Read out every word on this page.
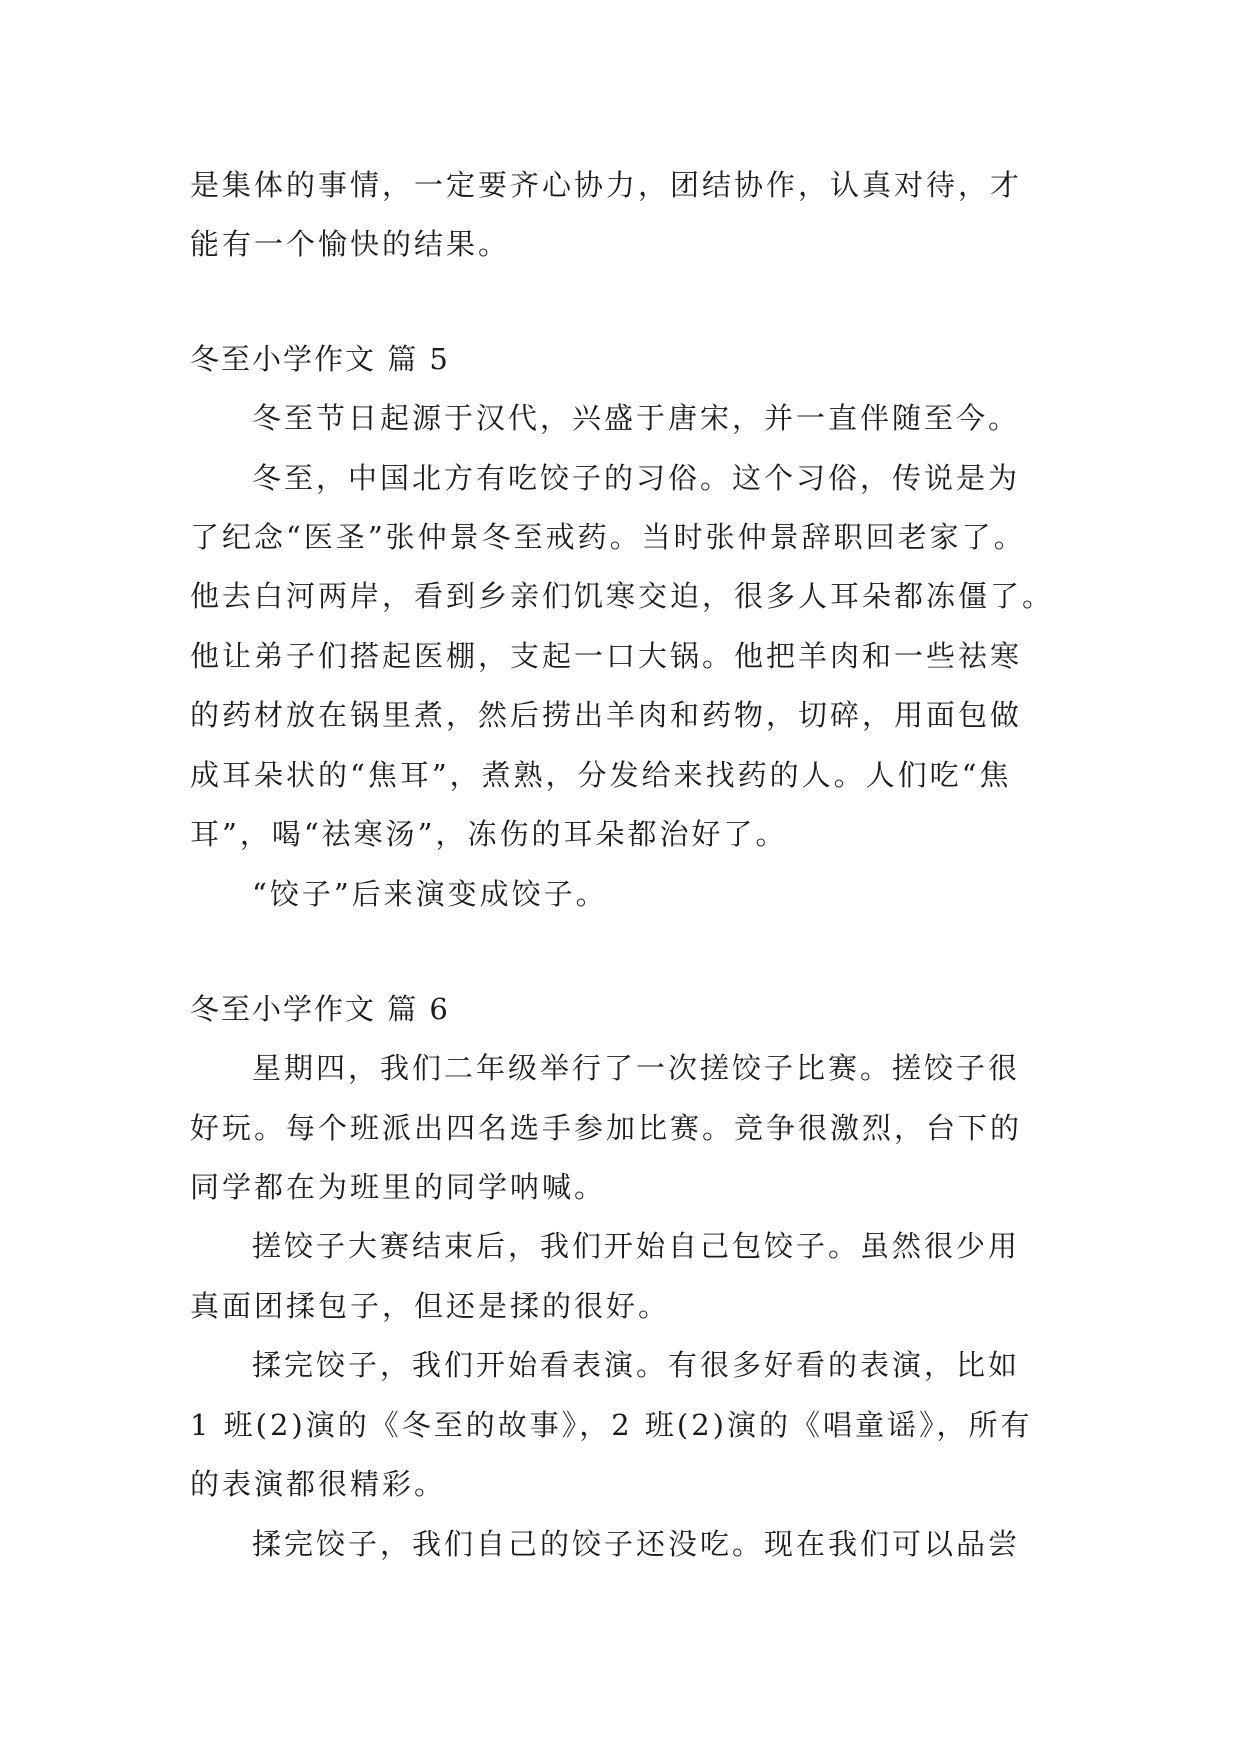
是集体的事情，一定要齐心协力，团结协作，认真对待，才
能有一个愉快的结果。
冬至小学作文 篇 5
冬至节日起源于汉代，兴盛于唐宋，并一直伴随至今。
冬至，中国北方有吃饺子的习俗。这个习俗，传说是为
了纪念“医圣”张仲景冬至戒药。当时张仲景辞职回老家了。
他去白河两岸，看到乡亲们饥寒交迫，很多人耳朵都冻僵了。
他让弟子们搭起医棚，支起一口大锅。他把羊肉和一些祛寒
的药材放在锅里煮，然后捞出羊肉和药物，切碎，用面包做
成耳朵状的“焦耳”，煮熟，分发给来找药的人。人们吃“焦
耳”，喝“祛寒汤”，冻伤的耳朵都治好了。
“饺子”后来演变成饺子。
冬至小学作文 篇 6
星期四，我们二年级举行了一次搓饺子比赛。搓饺子很
好玩。每个班派出四名选手参加比赛。竞争很激烈，台下的
同学都在为班里的同学呐喊。
搓饺子大赛结束后，我们开始自己包饺子。虽然很少用
真面团揉包子，但还是揉的很好。
揉完饺子，我们开始看表演。有很多好看的表演，比如
1 班(2)演的《冬至的故事》，2 班(2)演的《唱童谣》，所有
的表演都很精彩。
揉完饺子，我们自己的饺子还没吃。现在我们可以品尝
